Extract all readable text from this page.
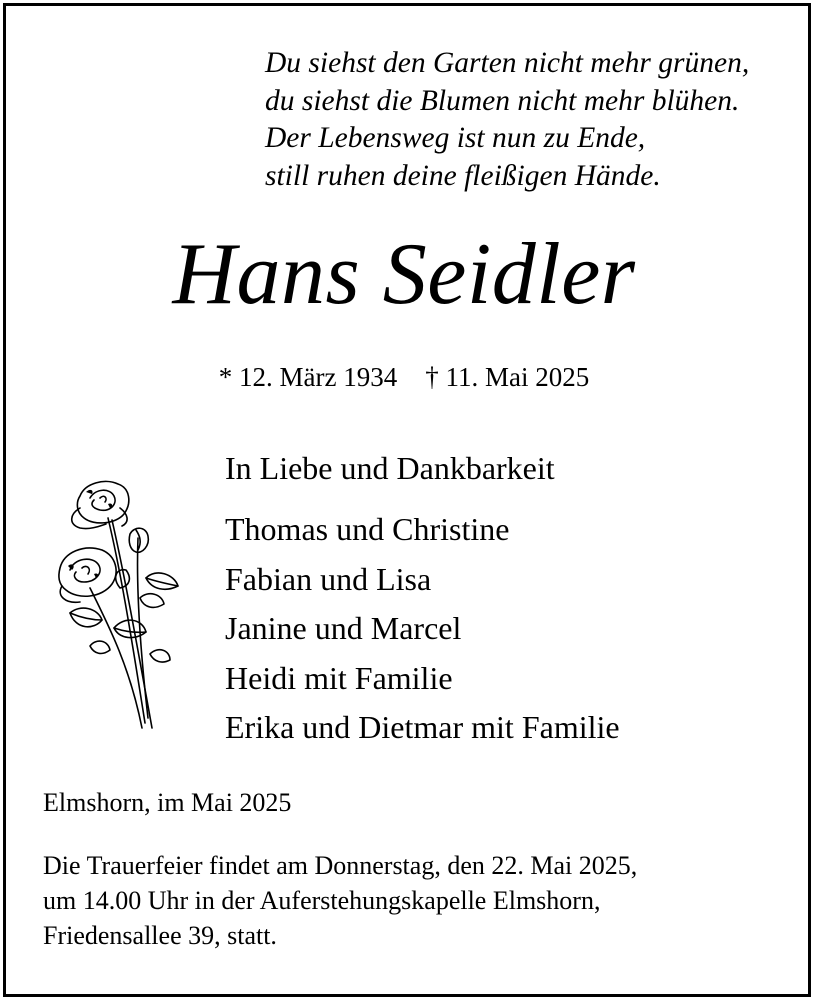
Du siehst den Garten nicht mehr grünen,
du siehst die Blumen nicht mehr blühen.
Der Lebensweg ist nun zu Ende,
still ruhen deine fleißigen Hände.
Hans Seidler
* 12. März 1934 † 11. Mai 2025
In Liebe und Dankbarkeit
Thomas und Christine
Fabian und Lisa
Janine und Marcel
Heidi mit Familie
Erika und Dietmar mit Familie
Elmshorn, im Mai 2025
Die Trauerfeier findet am Donnerstag, den 22. Mai 2025,
um 14.00 Uhr in der Auferstehungskapelle Elmshorn,
Friedensallee 39, statt.
